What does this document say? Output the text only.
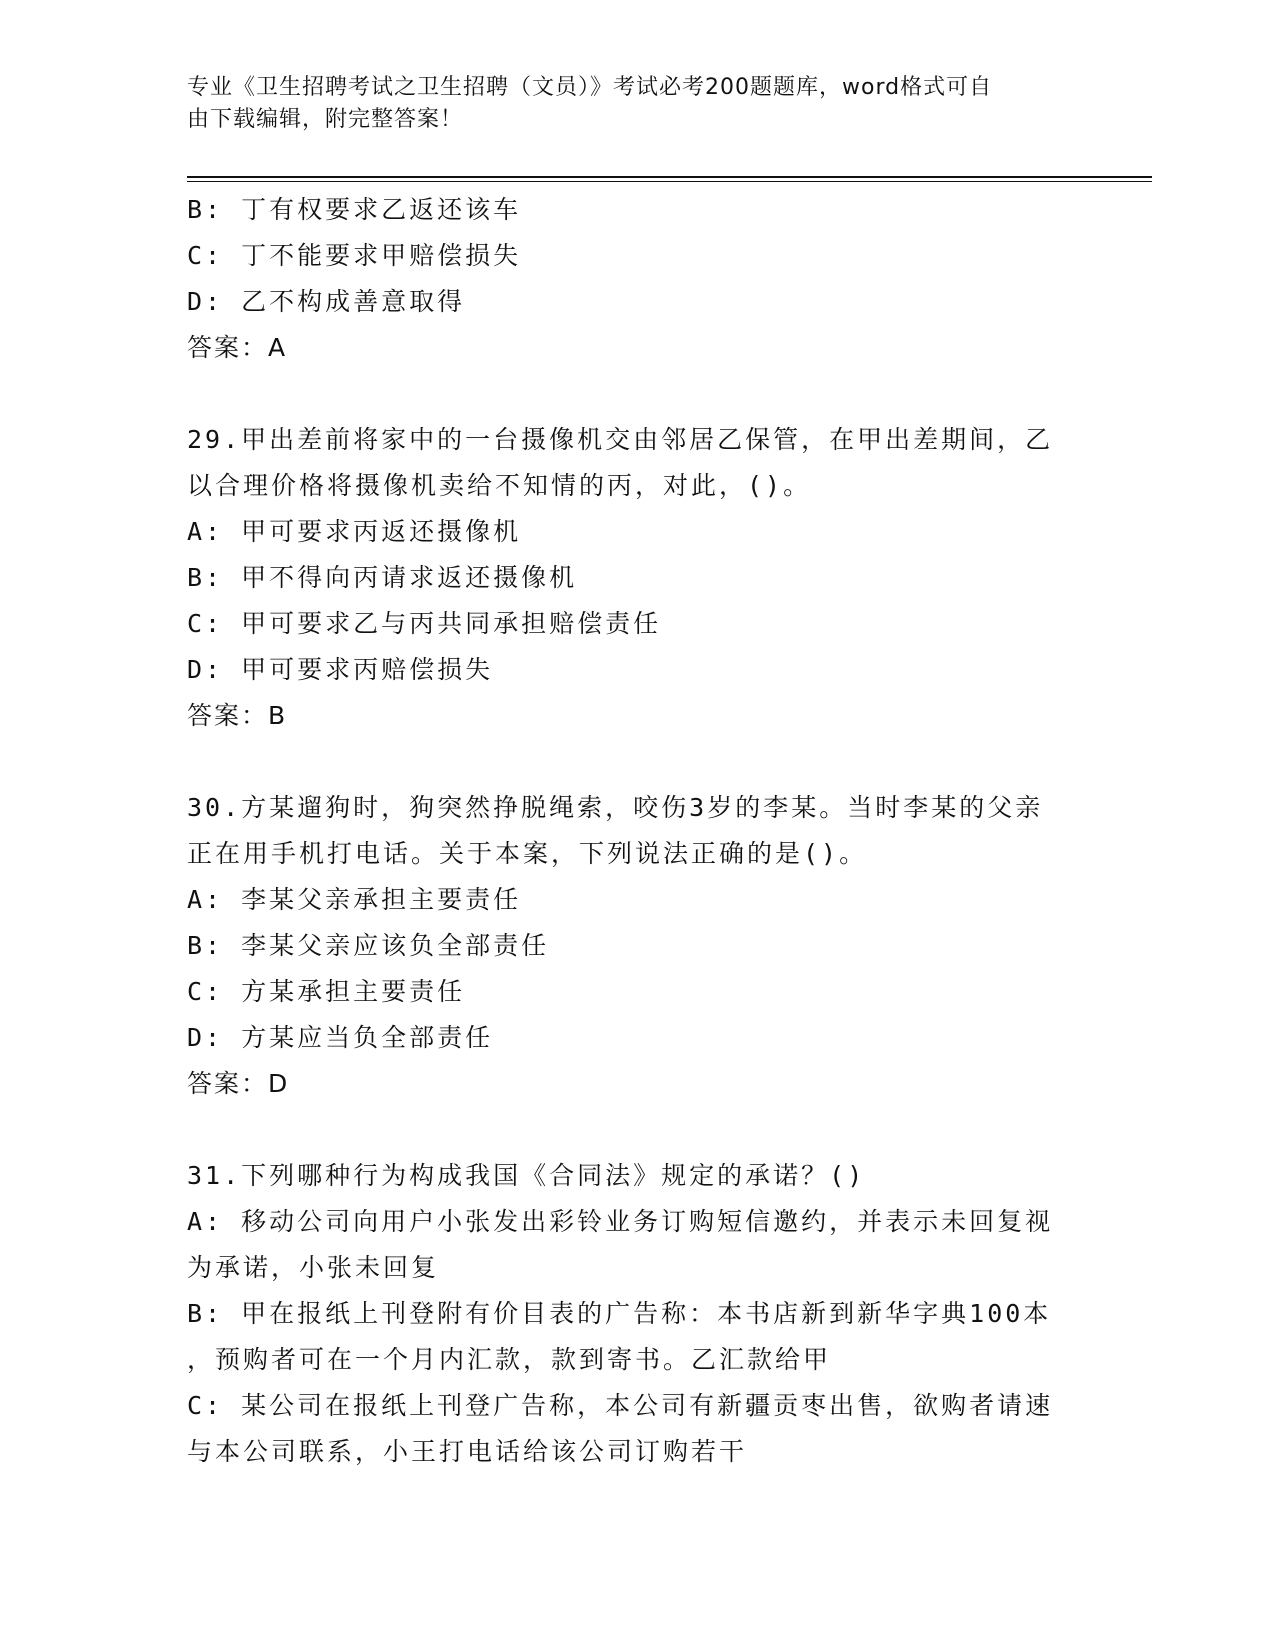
专业《卫生招聘考试之卫生招聘（文员）》考试必考200题题库，word格式可自
由下载编辑，附完整答案！
B: 丁有权要求乙返还该车
C: 丁不能要求甲赔偿损失
D: 乙不构成善意取得
答案：A
29.甲出差前将家中的一台摄像机交由邻居乙保管，在甲出差期间，乙
以合理价格将摄像机卖给不知情的丙，对此，()。
A: 甲可要求丙返还摄像机
B: 甲不得向丙请求返还摄像机
C: 甲可要求乙与丙共同承担赔偿责任
D: 甲可要求丙赔偿损失
答案：B
30.方某遛狗时，狗突然挣脱绳索，咬伤3岁的李某。当时李某的父亲
正在用手机打电话。关于本案，下列说法正确的是()。
A: 李某父亲承担主要责任
B: 李某父亲应该负全部责任
C: 方某承担主要责任
D: 方某应当负全部责任
答案：D
31.下列哪种行为构成我国《合同法》规定的承诺？()
A: 移动公司向用户小张发出彩铃业务订购短信邀约，并表示未回复视
为承诺，小张未回复
B: 甲在报纸上刊登附有价目表的广告称：本书店新到新华字典100本
，预购者可在一个月内汇款，款到寄书。乙汇款给甲
C: 某公司在报纸上刊登广告称，本公司有新疆贡枣出售，欲购者请速
与本公司联系，小王打电话给该公司订购若干
